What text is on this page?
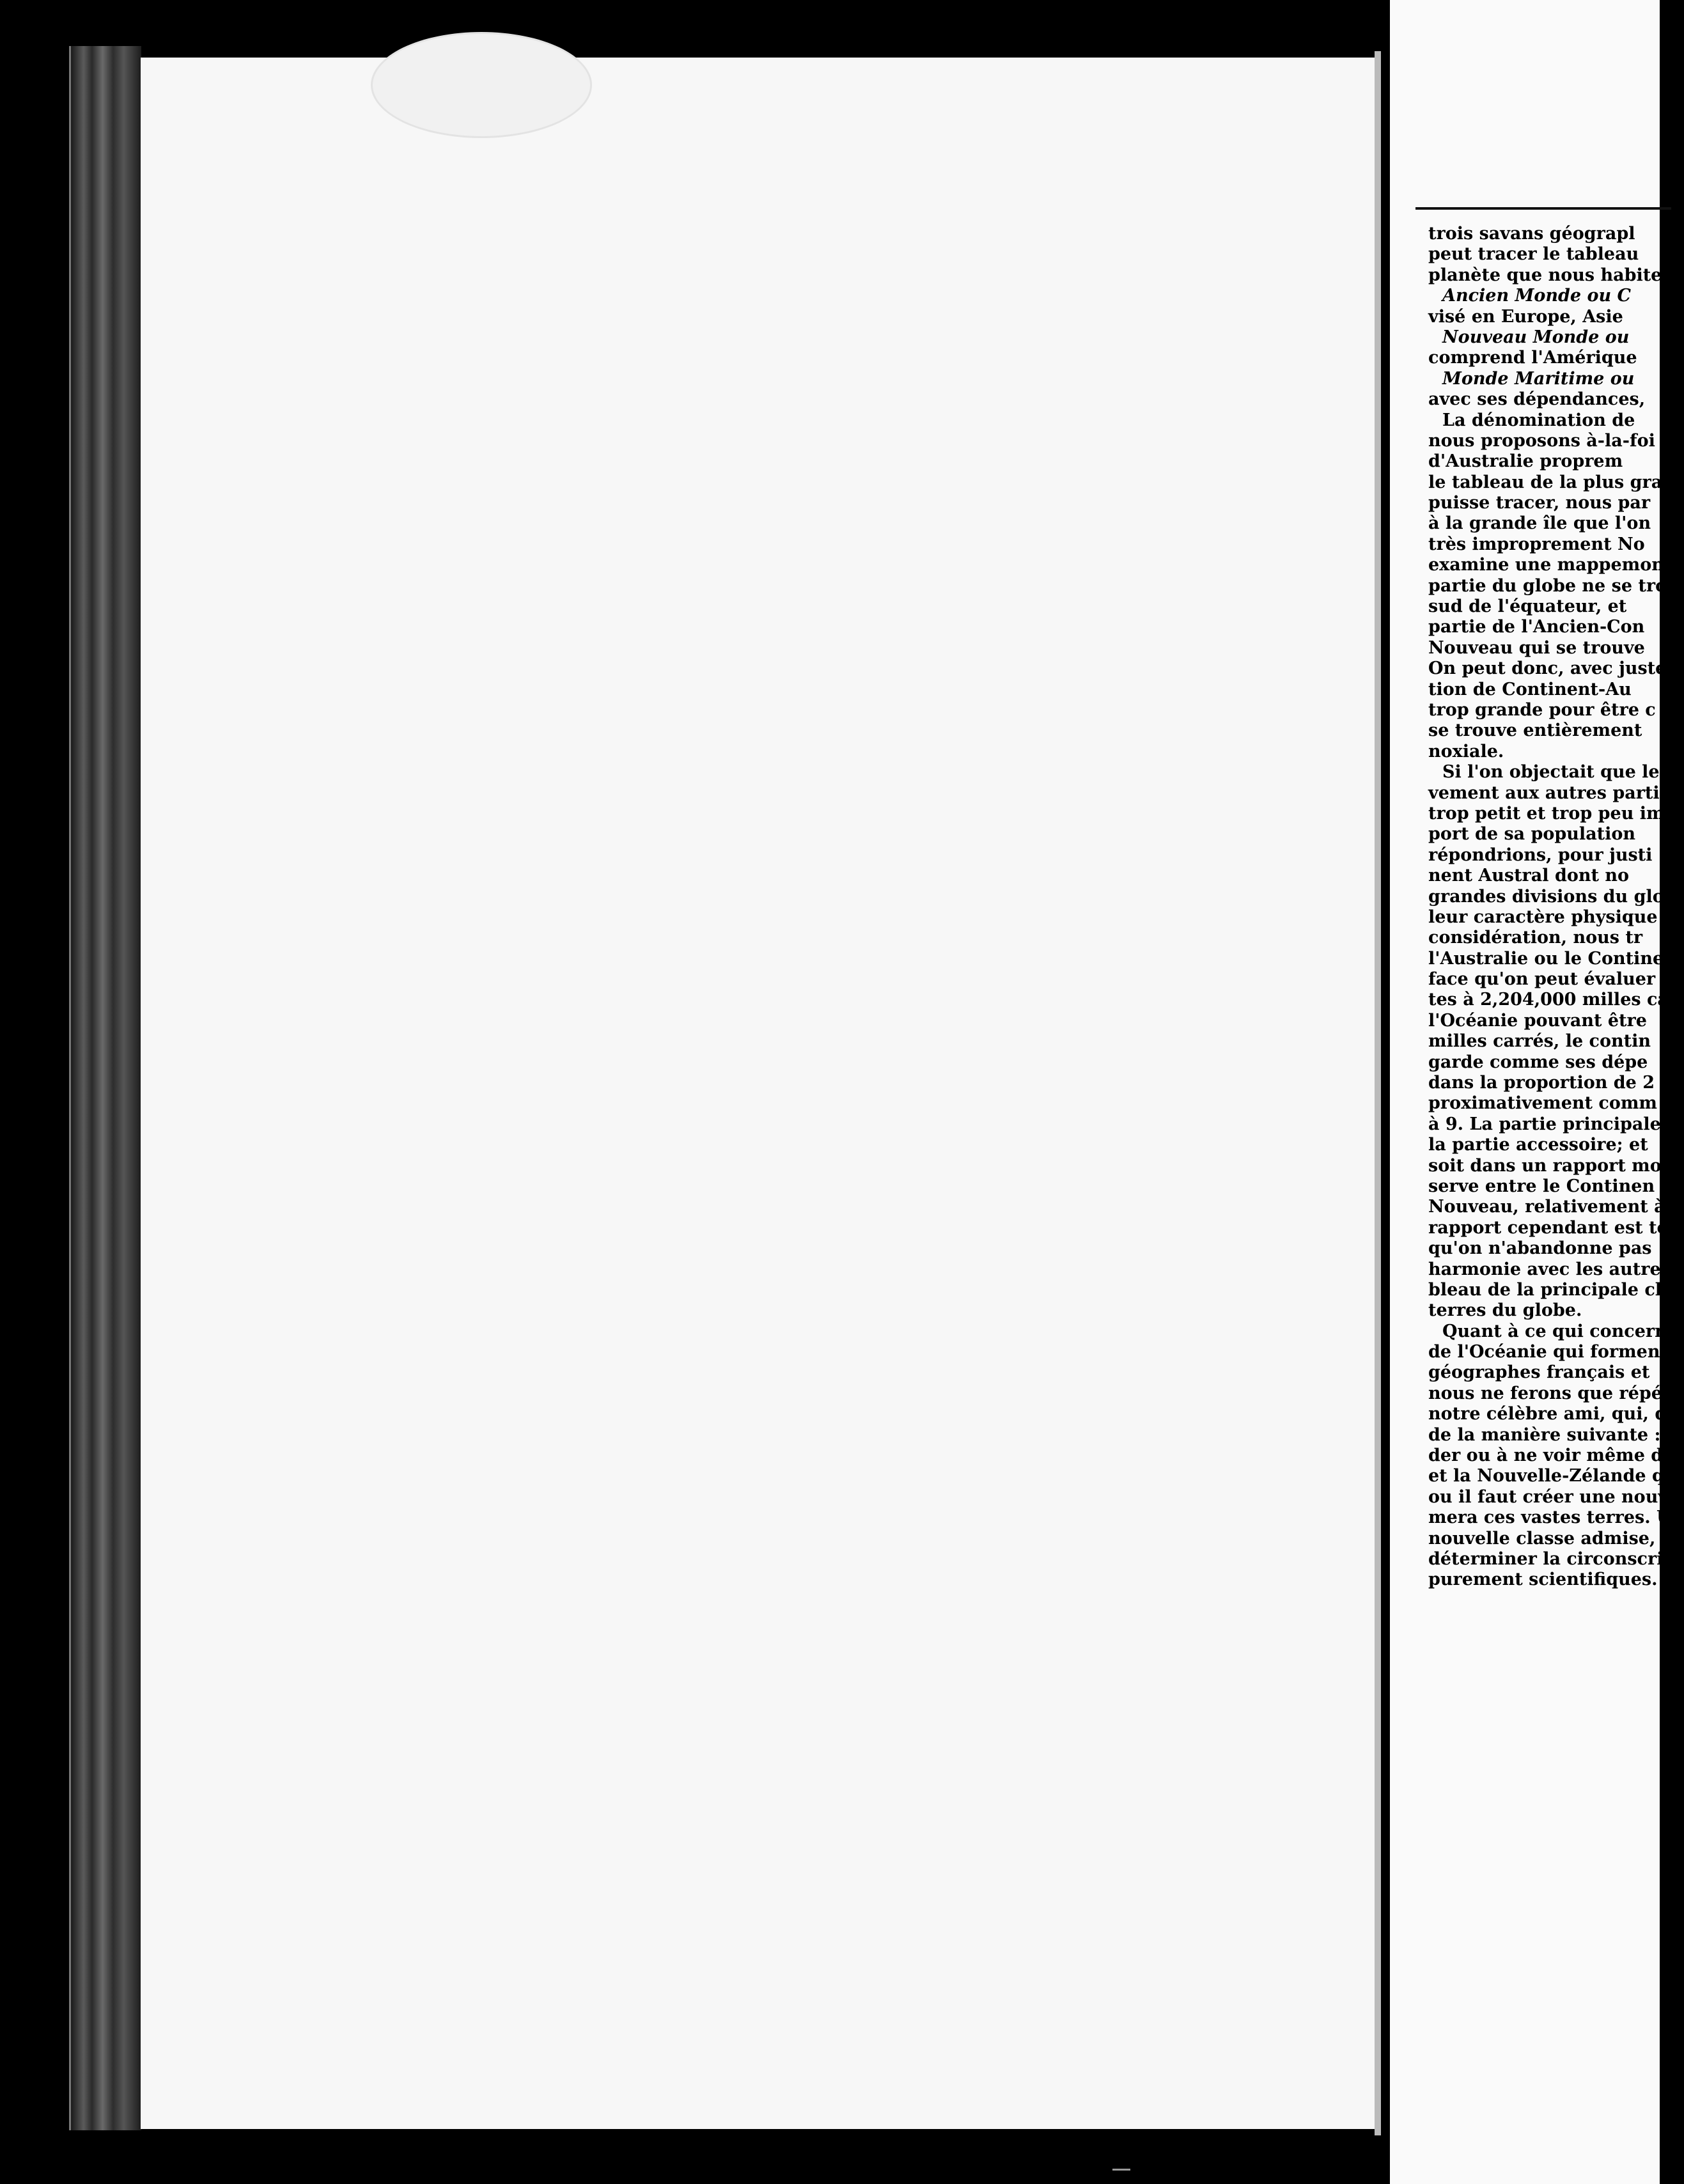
trois savans géograpl
peut tracer le tableau
planète que nous habite
Ancien Monde ou C
visé en Europe, Asie
Nouveau Monde ou
comprend l'Amérique
Monde Maritime ou
avec ses dépendances,
La dénomination de
nous proposons à-la-foi
d'Australie proprem
le tableau de la plus gran
puisse tracer, nous par
à la grande île que l'on
très improprement No
examine une mappemon
partie du globe ne se tro
sud de l'équateur, et
partie de l'Ancien-Con
Nouveau qui se trouve
On peut donc, avec juste
tion de Continent-Au
trop grande pour être c
se trouve entièrement
noxiale.
Si l'on objectait que le
vement aux autres parti
trop petit et trop peu im
port de sa population
répondrions, pour justi
nent Austral dont no
grandes divisions du glo
leur caractère physique
considération, nous tr
l'Australie ou le Contine
face qu'on peut évaluer
tes à 2,204,000 milles car
l'Océanie pouvant être
milles carrés, le contin
garde comme ses dépe
dans la proportion de 2
proximativement comm
à 9. La partie principale s
la partie accessoire; et
soit dans un rapport mo
serve entre le Continen
Nouveau, relativement à
rapport cependant est to
qu'on n'abandonne pas
harmonie avec les autre
bleau de la principale cl
terres du globe.
Quant à ce qui concern
de l'Océanie qui forment
géographes français et
nous ne ferons que répé
notre célèbre ami, qui, da
de la manière suivante :
der ou à ne voir même da
et la Nouvelle-Zélande q
ou il faut créer une nouv
mera ces vastes terres. Un
nouvelle classe admise,
déterminer la circonscrip
purement scientifiques. P
